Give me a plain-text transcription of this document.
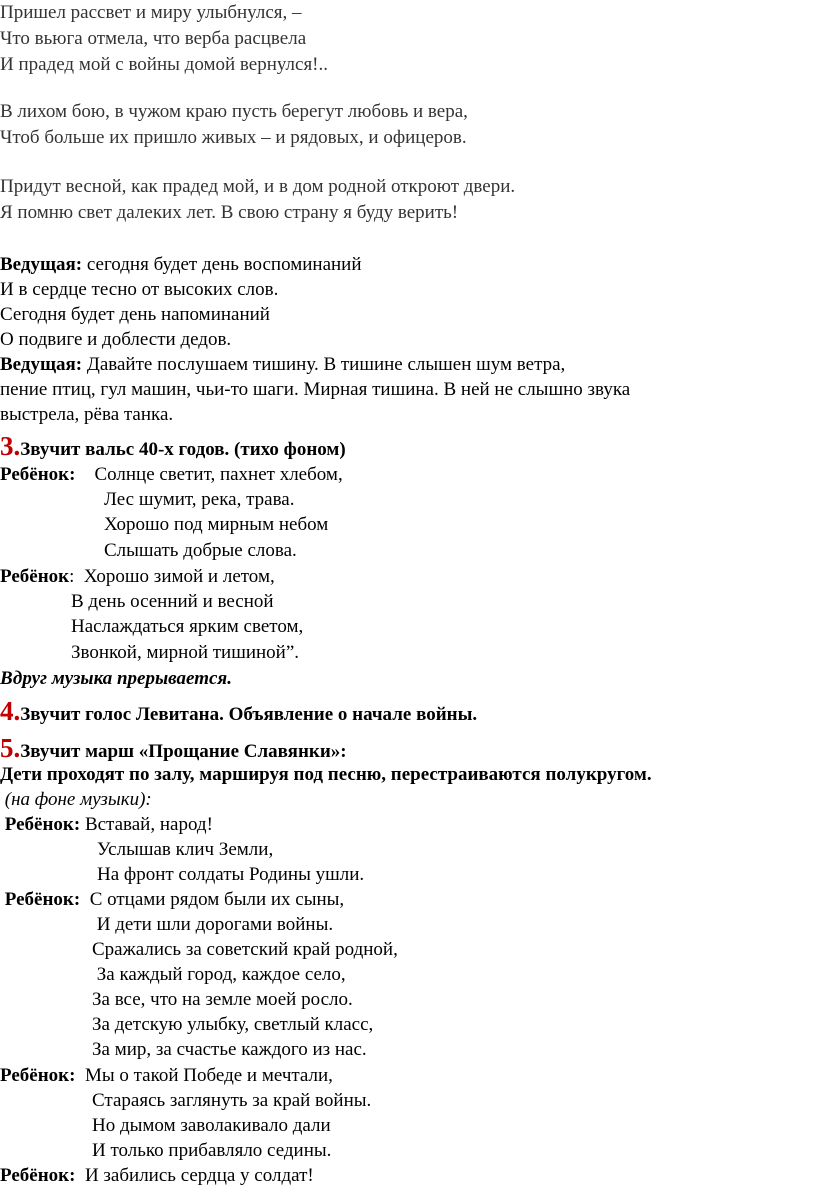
Пришел рассвет и миру улыбнулся, –
Что вьюга отмела, что верба расцвела
И прадед мой с войны домой вернулся!..
В лихом бою, в чужом краю пусть берегут любовь и вера,
Чтоб больше их пришло живых – и рядовых, и офицеров.
Придут весной, как прадед мой, и в дом родной откроют двери.
Я помню свет далеких лет. В свою страну я буду верить!
Ведущая: сегодня будет день воспоминаний
И в сердце тесно от высоких слов.
Сегодня будет день напоминаний
О подвиге и доблести дедов.
Ведущая: Давайте послушаем тишину. В тишине слышен шум ветра,
пение птиц, гул машин, чьи-то шаги. Мирная тишина. В ней не слышно звука
выстрела, рёва танка.
3.Звучит вальс 40-х годов. (тихо фоном)
Ребёнок:    Солнце светит, пахнет хлебом,
Лес шумит, река, трава.
Хорошо под мирным небом
Слышать добрые слова.
Ребёнок:  Хорошо зимой и летом,
В день осенний и весной
Наслаждаться ярким светом,
Звонкой, мирной тишиной”.
Вдруг музыка прерывается.
4.Звучит голос Левитана. Объявление о начале войны.
5.Звучит марш «Прощание Славянки»:
Дети проходят по залу, маршируя под песню, перестраиваются полукругом.
(на фоне музыки):
Ребёнок: Вставай, народ!
Услышав клич Земли,
На фронт солдаты Родины ушли.
Ребёнок:  С отцами рядом были их сыны,
И дети шли дорогами войны.
Сражались за советский край родной,
За каждый город, каждое село,
За все, что на земле моей росло.
За детскую улыбку, светлый класс,
За мир, за счастье каждого из нас.
Ребёнок:  Мы о такой Победе и мечтали,
Стараясь заглянуть за край войны.
Но дымом заволакивало дали
И только прибавляло седины.
Ребёнок:  И забились сердца у солдат!
